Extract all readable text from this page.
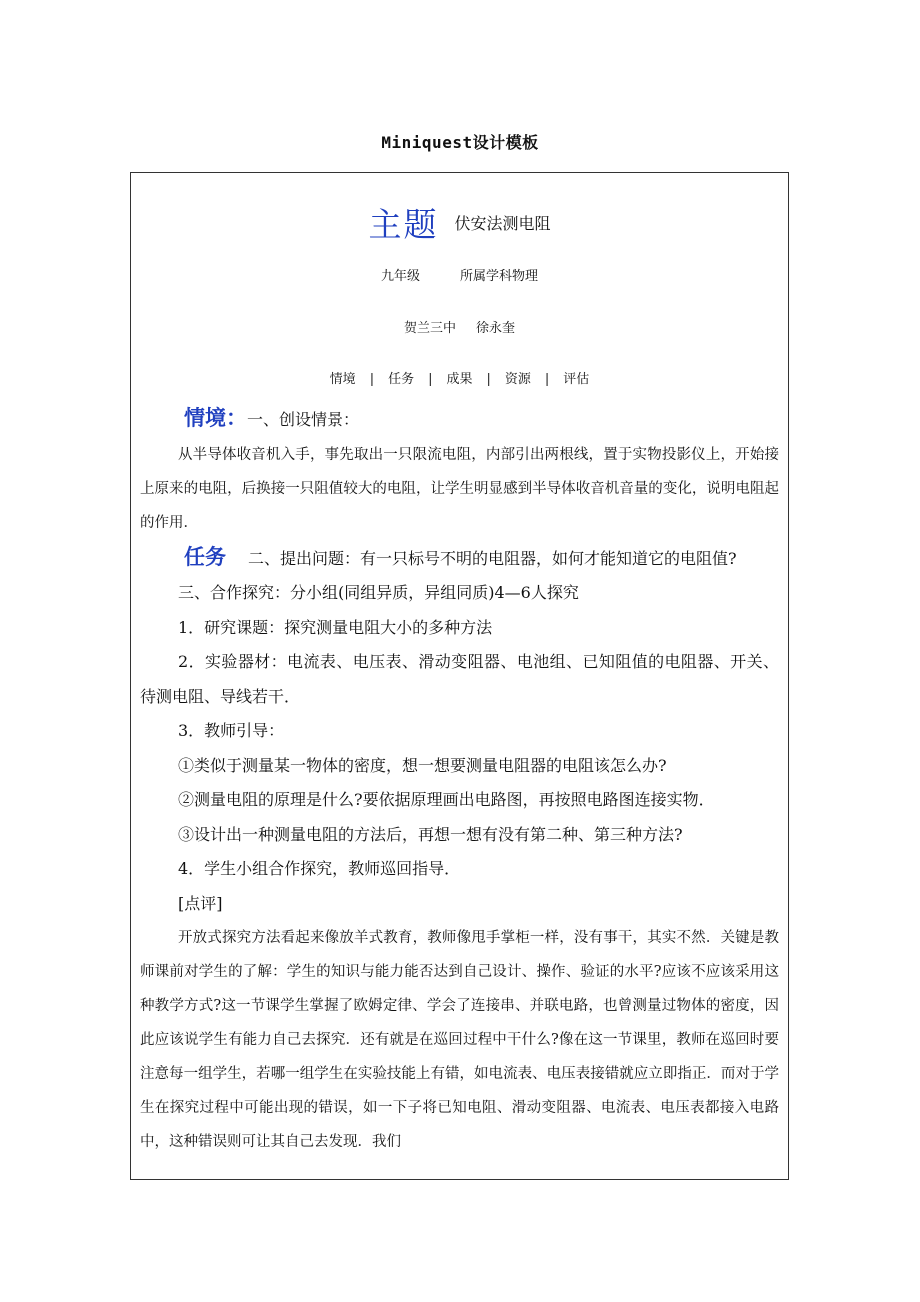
Miniquest设计模板
主题 伏安法测电阻
九年级	所属学科物理
贺兰三中 徐永奎
情境 | 任务 | 成果 | 资源 | 评估

情境：一、创设情景：

从半导体收音机入手，事先取出一只限流电阻，内部引出两根线，置于实物投影仪上，开始接上原来的电阻，后换接一只阻值较大的电阻，让学生明显感到半导体收音机音量的变化，说明电阻起的作用．

任务 二、提出问题：有一只标号不明的电阻器，如何才能知道它的电阻值?

三、合作探究：分小组(同组异质，异组同质)4—6人探究

1．研究课题：探究测量电阻大小的多种方法

2．实验器材：电流表、电压表、滑动变阻器、电池组、已知阻值的电阻器、开关、待测电阻、导线若干．

3．教师引导：

①类似于测量某一物体的密度，想一想要测量电阻器的电阻该怎么办?

②测量电阻的原理是什么?要依据原理画出电路图，再按照电路图连接实物．

③设计出一种测量电阻的方法后，再想一想有没有第二种、第三种方法?

4．学生小组合作探究，教师巡回指导．

[点评]

开放式探究方法看起来像放羊式教育，教师像甩手掌柜一样，没有事干，其实不然．关键是教师课前对学生的了解：学生的知识与能力能否达到自己设计、操作、验证的水平?应该不应该采用这种教学方式?这一节课学生掌握了欧姆定律、学会了连接串、并联电路，也曾测量过物体的密度，因此应该说学生有能力自己去探究．还有就是在巡回过程中干什么?像在这一节课里，教师在巡回时要注意每一组学生，若哪一组学生在实验技能上有错，如电流表、电压表接错就应立即指正．而对于学生在探究过程中可能出现的错误，如一下子将已知电阻、滑动变阻器、电流表、电压表都接入电路中，这种错误则可让其自己去发现．我们
